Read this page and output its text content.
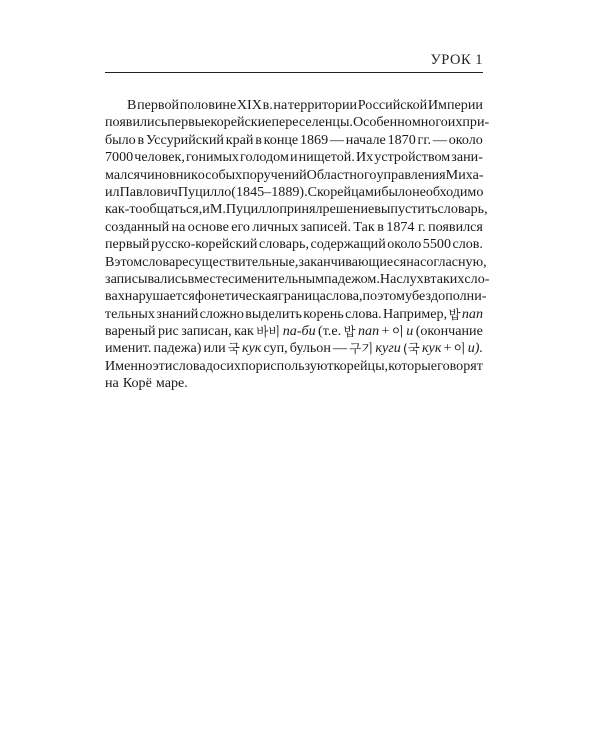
УРОК 1
В первой половине XIX в. на территории Российской Империи
появились первые корейские переселенцы. Особенно много их при-
было в Уссурийский край в конце 1869 — начале 1870 гг. — около
7000 человек, гонимых голодом и нищетой. Их устройством зани-
мался чиновник особых поручений Областного управления Миха-
ил Павлович Пуцилло (1845–1889). С корейцами было необходимо
как-то общаться, и М. Пуцилло принял решение выпустить словарь,
созданный на основе его личных записей. Так в 1874 г. появился
первый русско-корейский словарь, содержащий около 5500 слов.
В этом словаре существительные, заканчивающиеся на согласную,
записывались вместе с именительным падежом. На слух в таких сло-
вах нарушается фонетическая граница слова, поэтому без дополни-
тельных знаний сложно выделить корень слова. Например, 밥 пап
вареный рис записан, как 바비 па-би (т.е. 밥 пап + 이 и (окончание
именит. падежа) или 국 кук суп, бульон — 구기 куги (국 кук + 이 и).
Именно эти слова до сих пор используют корейцы, которые говорят
на Корё маре.
